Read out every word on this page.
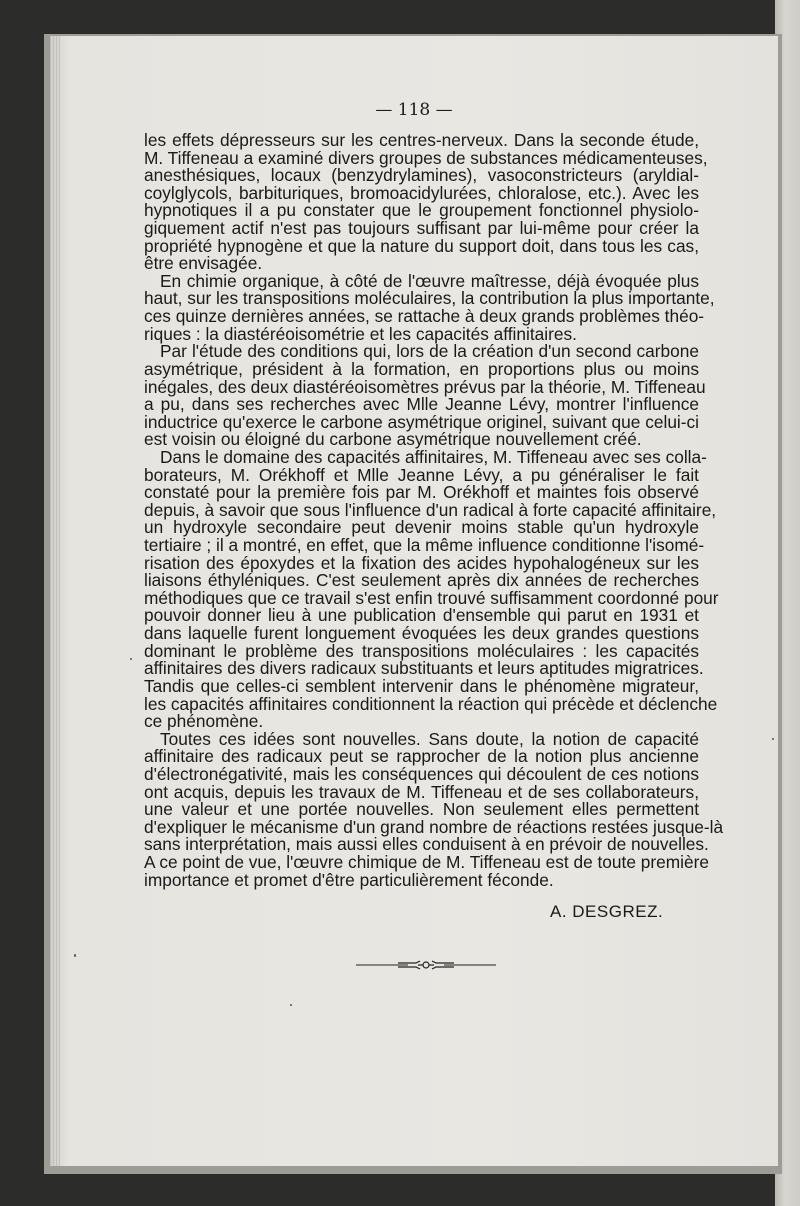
— 118 —
les effets dépresseurs sur les centres-nerveux. Dans la seconde étude,
M. Tiffeneau a examiné divers groupes de substances médicamenteuses,
anesthésiques, locaux (benzydrylamines), vasoconstricteurs (aryldial-
coylglycols, barbituriques, bromoacidylurées, chloralose, etc.). Avec les
hypnotiques il a pu constater que le groupement fonctionnel physiolo-
giquement actif n'est pas toujours suffisant par lui-même pour créer la
propriété hypnogène et que la nature du support doit, dans tous les cas,
être envisagée.
En chimie organique, à côté de l'œuvre maîtresse, déjà évoquée plus
haut, sur les transpositions moléculaires, la contribution la plus importante,
ces quinze dernières années, se rattache à deux grands problèmes théo-
riques : la diastéréoisométrie et les capacités affinitaires.
Par l'étude des conditions qui, lors de la création d'un second carbone
asymétrique, président à la formation, en proportions plus ou moins
inégales, des deux diastéréoisomètres prévus par la théorie, M. Tiffeneau
a pu, dans ses recherches avec Mlle Jeanne Lévy, montrer l'influence
inductrice qu'exerce le carbone asymétrique originel, suivant que celui-ci
est voisin ou éloigné du carbone asymétrique nouvellement créé.
Dans le domaine des capacités affinitaires, M. Tiffeneau avec ses colla-
borateurs, M. Orékhoff et Mlle Jeanne Lévy, a pu généraliser le fait
constaté pour la première fois par M. Orékhoff et maintes fois observé
depuis, à savoir que sous l'influence d'un radical à forte capacité affinitaire,
un hydroxyle secondaire peut devenir moins stable qu'un hydroxyle
tertiaire ; il a montré, en effet, que la même influence conditionne l'isomé-
risation des époxydes et la fixation des acides hypohalogéneux sur les
liaisons éthyléniques. C'est seulement après dix années de recherches
méthodiques que ce travail s'est enfin trouvé suffisamment coordonné pour
pouvoir donner lieu à une publication d'ensemble qui parut en 1931 et
dans laquelle furent longuement évoquées les deux grandes questions
dominant le problème des transpositions moléculaires : les capacités
affinitaires des divers radicaux substituants et leurs aptitudes migratrices.
Tandis que celles-ci semblent intervenir dans le phénomène migrateur,
les capacités affinitaires conditionnent la réaction qui précède et déclenche
ce phénomène.
Toutes ces idées sont nouvelles. Sans doute, la notion de capacité
affinitaire des radicaux peut se rapprocher de la notion plus ancienne
d'électronégativité, mais les conséquences qui découlent de ces notions
ont acquis, depuis les travaux de M. Tiffeneau et de ses collaborateurs,
une valeur et une portée nouvelles. Non seulement elles permettent
d'expliquer le mécanisme d'un grand nombre de réactions restées jusque-là
sans interprétation, mais aussi elles conduisent à en prévoir de nouvelles.
A ce point de vue, l'œuvre chimique de M. Tiffeneau est de toute première
importance et promet d'être particulièrement féconde.
A. DESGREZ.
